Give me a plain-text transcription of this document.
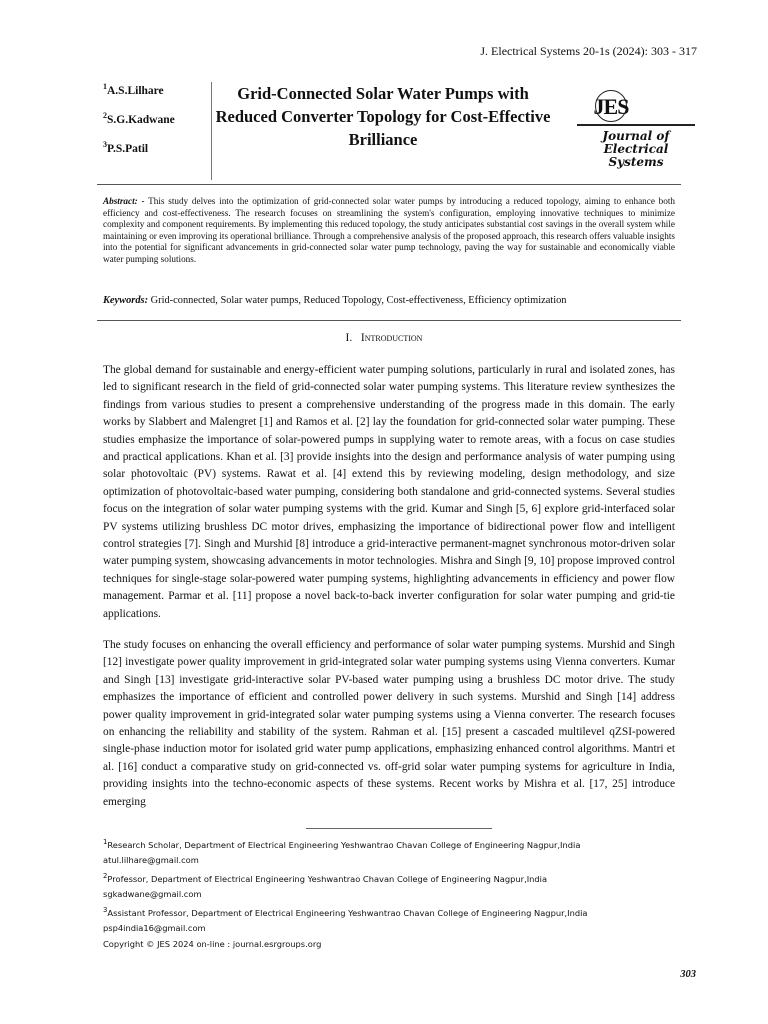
J. Electrical Systems 20-1s (2024): 303 - 317
$^1$A.S.Lilhare
$^2$S.G.Kadwane
$^3$P.S.Patil
Grid-Connected Solar Water Pumps with Reduced Converter Topology for Cost-Effective Brilliance
JES
Journal of
Electrical
Systems
Abstract: - This study delves into the optimization of grid-connected solar water pumps by introducing a reduced topology, aiming to enhance both efficiency and cost-effectiveness. The research focuses on streamlining the system's configuration, employing innovative techniques to minimize complexity and component requirements. By implementing this reduced topology, the study anticipates substantial cost savings in the overall system while maintaining or even improving its operational brilliance. Through a comprehensive analysis of the proposed approach, this research offers valuable insights into the potential for significant advancements in grid-connected solar water pump technology, paving the way for sustainable and economically viable water pumping solutions.
Keywords: Grid-connected, Solar water pumps, Reduced Topology, Cost-effectiveness, Efficiency optimization
I. Introduction
The global demand for sustainable and energy-efficient water pumping solutions, particularly in rural and isolated zones, has led to significant research in the field of grid-connected solar water pumping systems. This literature review synthesizes the findings from various studies to present a comprehensive understanding of the progress made in this domain. The early works by Slabbert and Malengret [1] and Ramos et al. [2] lay the foundation for grid-connected solar water pumping. These studies emphasize the importance of solar-powered pumps in supplying water to remote areas, with a focus on case studies and practical applications. Khan et al. [3] provide insights into the design and performance analysis of water pumping using solar photovoltaic (PV) systems. Rawat et al. [4] extend this by reviewing modeling, design methodology, and size optimization of photovoltaic-based water pumping, considering both standalone and grid-connected systems. Several studies focus on the integration of solar water pumping systems with the grid. Kumar and Singh [5, 6] explore grid-interfaced solar PV systems utilizing brushless DC motor drives, emphasizing the importance of bidirectional power flow and intelligent control strategies [7]. Singh and Murshid [8] introduce a grid-interactive permanent-magnet synchronous motor-driven solar water pumping system, showcasing advancements in motor technologies. Mishra and Singh [9, 10] propose improved control techniques for single-stage solar-powered water pumping systems, highlighting advancements in efficiency and power flow management. Parmar et al. [11] propose a novel back-to-back inverter configuration for solar water pumping and grid-tie applications.
The study focuses on enhancing the overall efficiency and performance of solar water pumping systems. Murshid and Singh [12] investigate power quality improvement in grid-integrated solar water pumping systems using Vienna converters. Kumar and Singh [13] investigate grid-interactive solar PV-based water pumping using a brushless DC motor drive. The study emphasizes the importance of efficient and controlled power delivery in such systems. Murshid and Singh [14] address power quality improvement in grid-integrated solar water pumping systems using a Vienna converter. The research focuses on enhancing the reliability and stability of the system. Rahman et al. [15] present a cascaded multilevel qZSI-powered single-phase induction motor for isolated grid water pump applications, emphasizing enhanced control algorithms. Mantri et al. [16] conduct a comparative study on grid-connected vs. off-grid solar water pumping systems for agriculture in India, providing insights into the techno-economic aspects of these systems. Recent works by Mishra et al. [17, 25] introduce emerging
$^1$Research Scholar, Department of Electrical Engineering Yeshwantrao Chavan College of Engineering Nagpur,India
atul.lilhare@gmail.com
$^2$Professor, Department of Electrical Engineering Yeshwantrao Chavan College of Engineering Nagpur,India
sgkadwane@gmail.com
$^3$Assistant Professor, Department of Electrical Engineering Yeshwantrao Chavan College of Engineering Nagpur,India
psp4india16@gmail.com
Copyright © JES 2024 on-line : journal.esrgroups.org
303
